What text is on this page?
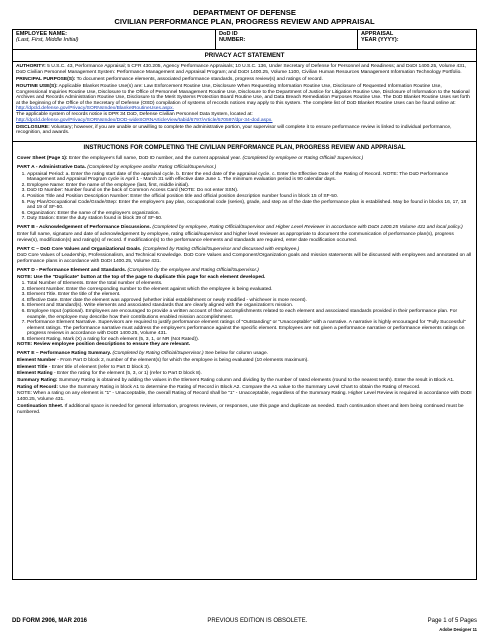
DEPARTMENT OF DEFENSE
CIVILIAN PERFORMANCE PLAN, PROGRESS REVIEW AND APPRAISAL
EMPLOYEE NAME:
(Last, First, Middle Initial)
DoD ID
NUMBER:
APPRAISAL
YEAR (YYYY):
PRIVACY ACT STATEMENT

AUTHORITY: 5 U.S.C. 43, Performance Appraisal; 5 CFR 430.205, Agency Performance Appraisals; 10 U.S.C. 136, Under Secretary of Defense for Personnel and Readiness; and DoDI 1400.25, Volume 431, DoD Civilian Personnel Management System: Performance Management and Appraisal Program; and DoDI 1400.25, Volume 1100, Civilian Human Resources Management Information Technology Portfolio.

PRINCIPAL PURPOSE(S): To document performance elements, associated performance standards, progress review(s) and ratings of record.

ROUTINE USE(S): Applicable Blanket Routine Use(s) are: Law Enforcement Routine Use, Disclosure When Requesting Information Routine Use, Disclosure of Requested Information Routine Use, Congressional Inquiries Routine Use, Disclosure to the Office of Personnel Management Routine Use, Disclosure to the Department of Justice for Litigation Routine Use, Disclosure of Information to the National Archives and Records Administration Routine Use, Disclosure to the Merit Systems Protection Board Routine Use, and Data Breach Remediation Purposes Routine Use. The DoD Blanket Routine Uses set forth at the beginning of the Office of the Secretary of Defense (OSD) compilation of systems of records notices may apply to this system. The complete list of DoD Blanket Routine Uses can be found online at:
http://dpcld.defense.gov/Privacy/SORNsIndex/BlanketRoutineUses.aspx.
The applicable system of records notice is DPR 34 DoD, Defense Civilian Personnel Data System, located at:
http://dpcld.defense.gov/Privacy/SORNsIndex/DOD-wideSORNArticleView/tabid/6797/Article/570597/dpr-34-dod.aspx.

DISCLOSURE: Voluntary; however, if you are unable or unwilling to complete the administrative portion, your supervisor will complete it to ensure performance review is linked to individual performance, recognition, and awards.

INSTRUCTIONS FOR COMPLETING THE CIVILIAN PERFORMANCE PLAN, PROGRESS REVIEW AND APPRAISAL

Cover Sheet (Page 1): Enter the employee's full name, DoD ID number, and the current appraisal year. (Completed by employee or Rating Official/ Supervisor.)

PART A - Administrative Data. (Completed by employee and/or Rating Official/Supervisor.)

1. Appraisal Period: a. Enter the rating start date of the appraisal cycle. b. Enter the end date of the appraisal cycle. c. Enter the Effective Date of the Rating of Record. NOTE: The DoD Performance Management and Appraisal Program cycle is April 1 - March 31 with effective date June 1. The minimum evaluation period is 90 calendar days.
2. Employee Name: Enter the name of the employee (last, first, middle initial).
3. DoD ID Number: Number found on the back of Common Access Card (NOTE: Do not enter SSN).
4. Position Title and Position Description Number: Enter the official position title and official position description number found in block 15 of SF-50.
5. Pay Plan/Occupational Code/Grade/Step: Enter the employee's pay plan, occupational code (series), grade, and step as of the date the performance plan is established. May be found in blocks 16, 17, 18 and 19 of SF-50.
6. Organization: Enter the name of the employee's organization.
7. Duty Station: Enter the duty station found in block 39 of SF-50.

PART B - Acknowledgement of Performance Discussions. (Completed by employee, Rating Official/Supervisor and Higher Level Reviewer in accordance with DoDI 1400.25 Volume 431 and local policy.)

Enter full name, signature and date of acknowledgement by employee, rating official/supervisor and higher level reviewer as appropriate to document the communication of performance plan(s), progress review(s), modification(s) and rating(s) of record. If modification(s) to the performance elements and standards are required, enter date modification occurred.

PART C – DoD Core Values and Organizational Goals. (Completed by Rating Official/Supervisor and discussed with employee.)

DoD Core Values of Leadership, Professionalism, and Technical Knowledge. DoD Core Values and Component/Organization goals and mission statements will be discussed with employees and annotated on all performance plans in accordance with DoDI 1400.25, Volume 431.

PART D - Performance Element and Standards. (Completed by the employee and Rating Official/Supervisor.)

NOTE: Use the "Duplicate" button at the top of the page to duplicate this page for each element developed.

1. Total Number of Elements. Enter the total number of elements.
2. Element Number. Enter the corresponding number to the element against which the employee is being evaluated.
3. Element Title. Enter the title of the element.
4. Effective Date. Enter date the element was approved (whether initial establishment or newly modified - whichever is more recent).
5. Element and Standard(s). Write elements and associated standards that are clearly aligned with the organization's mission.
6. Employee Input (optional). Employees are encouraged to provide a written account of their accomplishments related to each element and associated standards provided in their performance plan. For example, the employee may describe how their contributions enabled mission accomplishment.
7. Performance Element Narrative. Supervisors are required to justify performance element ratings of "Outstanding" or "Unacceptable" with a narrative. A narrative is highly encouraged for "Fully Successful" element ratings. The performance narrative must address the employee's performance against the specific element. Employees are not given a performance narrative or performance elements ratings on progress reviews in accordance with DoDI 1400.25, Volume 431.
8. Element Rating. Mark (X) a rating for each element (5, 3, 1, or NR (Not Rated)).

NOTE: Review employee position descriptions to ensure they are relevant.

PART E – Performance Rating Summary. (Completed by Rating Official/Supervisor.) See below for column usage.

Element Number - From Part D block 2, number of the element(s) for which the employee is being evaluated (10 elements maximum).

Element Title - Enter title of element (refer to Part D block 3).

Element Rating - Enter the rating for the element (5, 3, or 1) (refer to Part D block 8).

Summary Rating: Summary Rating is obtained by adding the values in the Element Rating column and dividing by the number of rated elements (round to the nearest tenth). Enter the result in Block A1.

Rating of Record: Use the Summary Rating in block A1 to determine the Rating of Record in Block A2. Compare the A1 value to the Summary Level Chart to obtain the Rating of Record.

NOTE: When a rating on any element is "1" - Unacceptable, the overall Rating of Record shall be "1" - Unacceptable, regardless of the Summary Rating. Higher Level Review is required in accordance with DoDI 1400.25, Volume 431.

Continuation Sheet. If additional space is needed for general information, progress reviews, or responses, use this page and duplicate as needed. Each continuation sheet and item being continued must be numbered.

DD FORM 2906, MAR 2016	PREVIOUS EDITION IS OBSOLETE.	Page 1 of 5 Pages
Adobe Designer 11
